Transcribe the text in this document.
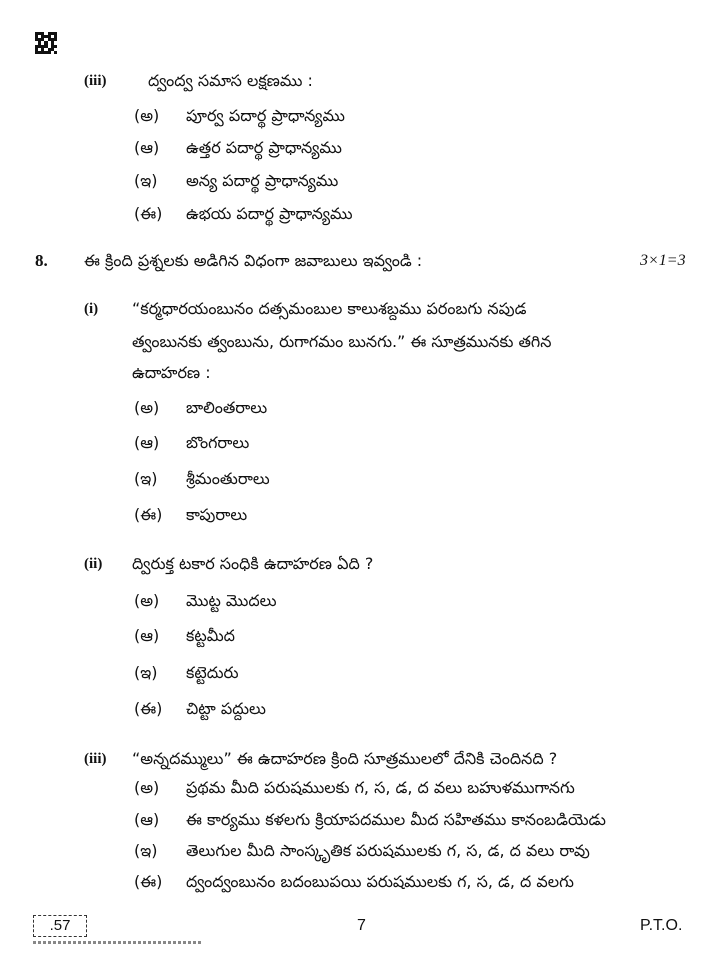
(iii)	ద్వంద్వ సమాస లక్షణము :
(అ) పూర్వ పదార్థ ప్రాధాన్యము
(ఆ) ఉత్తర పదార్థ ప్రాధాన్యము
(ఇ) అన్య పదార్థ ప్రాధాన్యము
(ఈ) ఉభయ పదార్థ ప్రాధాన్యము
8. ఈ క్రింది ప్రశ్నలకు అడిగిన విధంగా జవాబులు ఇవ్వండి :	3×1=3
(i) “కర్మధారయంబునం దత్సమంబుల కాలుశబ్దము పరంబగు నపుడ
త్వంబునకు త్వంబును, రుగాగమం బునగు.” ఈ సూత్రమునకు తగిన
ఉదాహరణ :
(అ) బాలింతరాలు
(ఆ) బొంగరాలు
(ఇ) శ్రీమంతురాలు
(ఈ) కాపురాలు
(ii) ద్విరుక్త టకార సంధికి ఉదాహరణ ఏది ?
(అ) మొట్ట మొదలు
(ఆ) కట్టమీద
(ఇ) కట్టెదురు
(ఈ) చిట్టా పద్దులు
(iii) “అన్నదమ్ములు” ఈ ఉదాహరణ క్రింది సూత్రములలో దేనికి చెందినది ?
(అ) ప్రథమ మీది పరుషములకు గ, స, డ, ద వలు బహుళముగానగు
(ఆ) ఈ కార్యము కళలగు క్రియాపదముల మీద సహితము కానంబడియెడు
(ఇ) తెలుగుల మీది సాంస్కృతిక పరుషములకు గ, స, డ, ద వలు రావు
(ఈ) ద్వంద్వంబునం బదంబుపయి పరుషములకు గ, స, డ, ద వలగు
.57	7	P.T.O.
